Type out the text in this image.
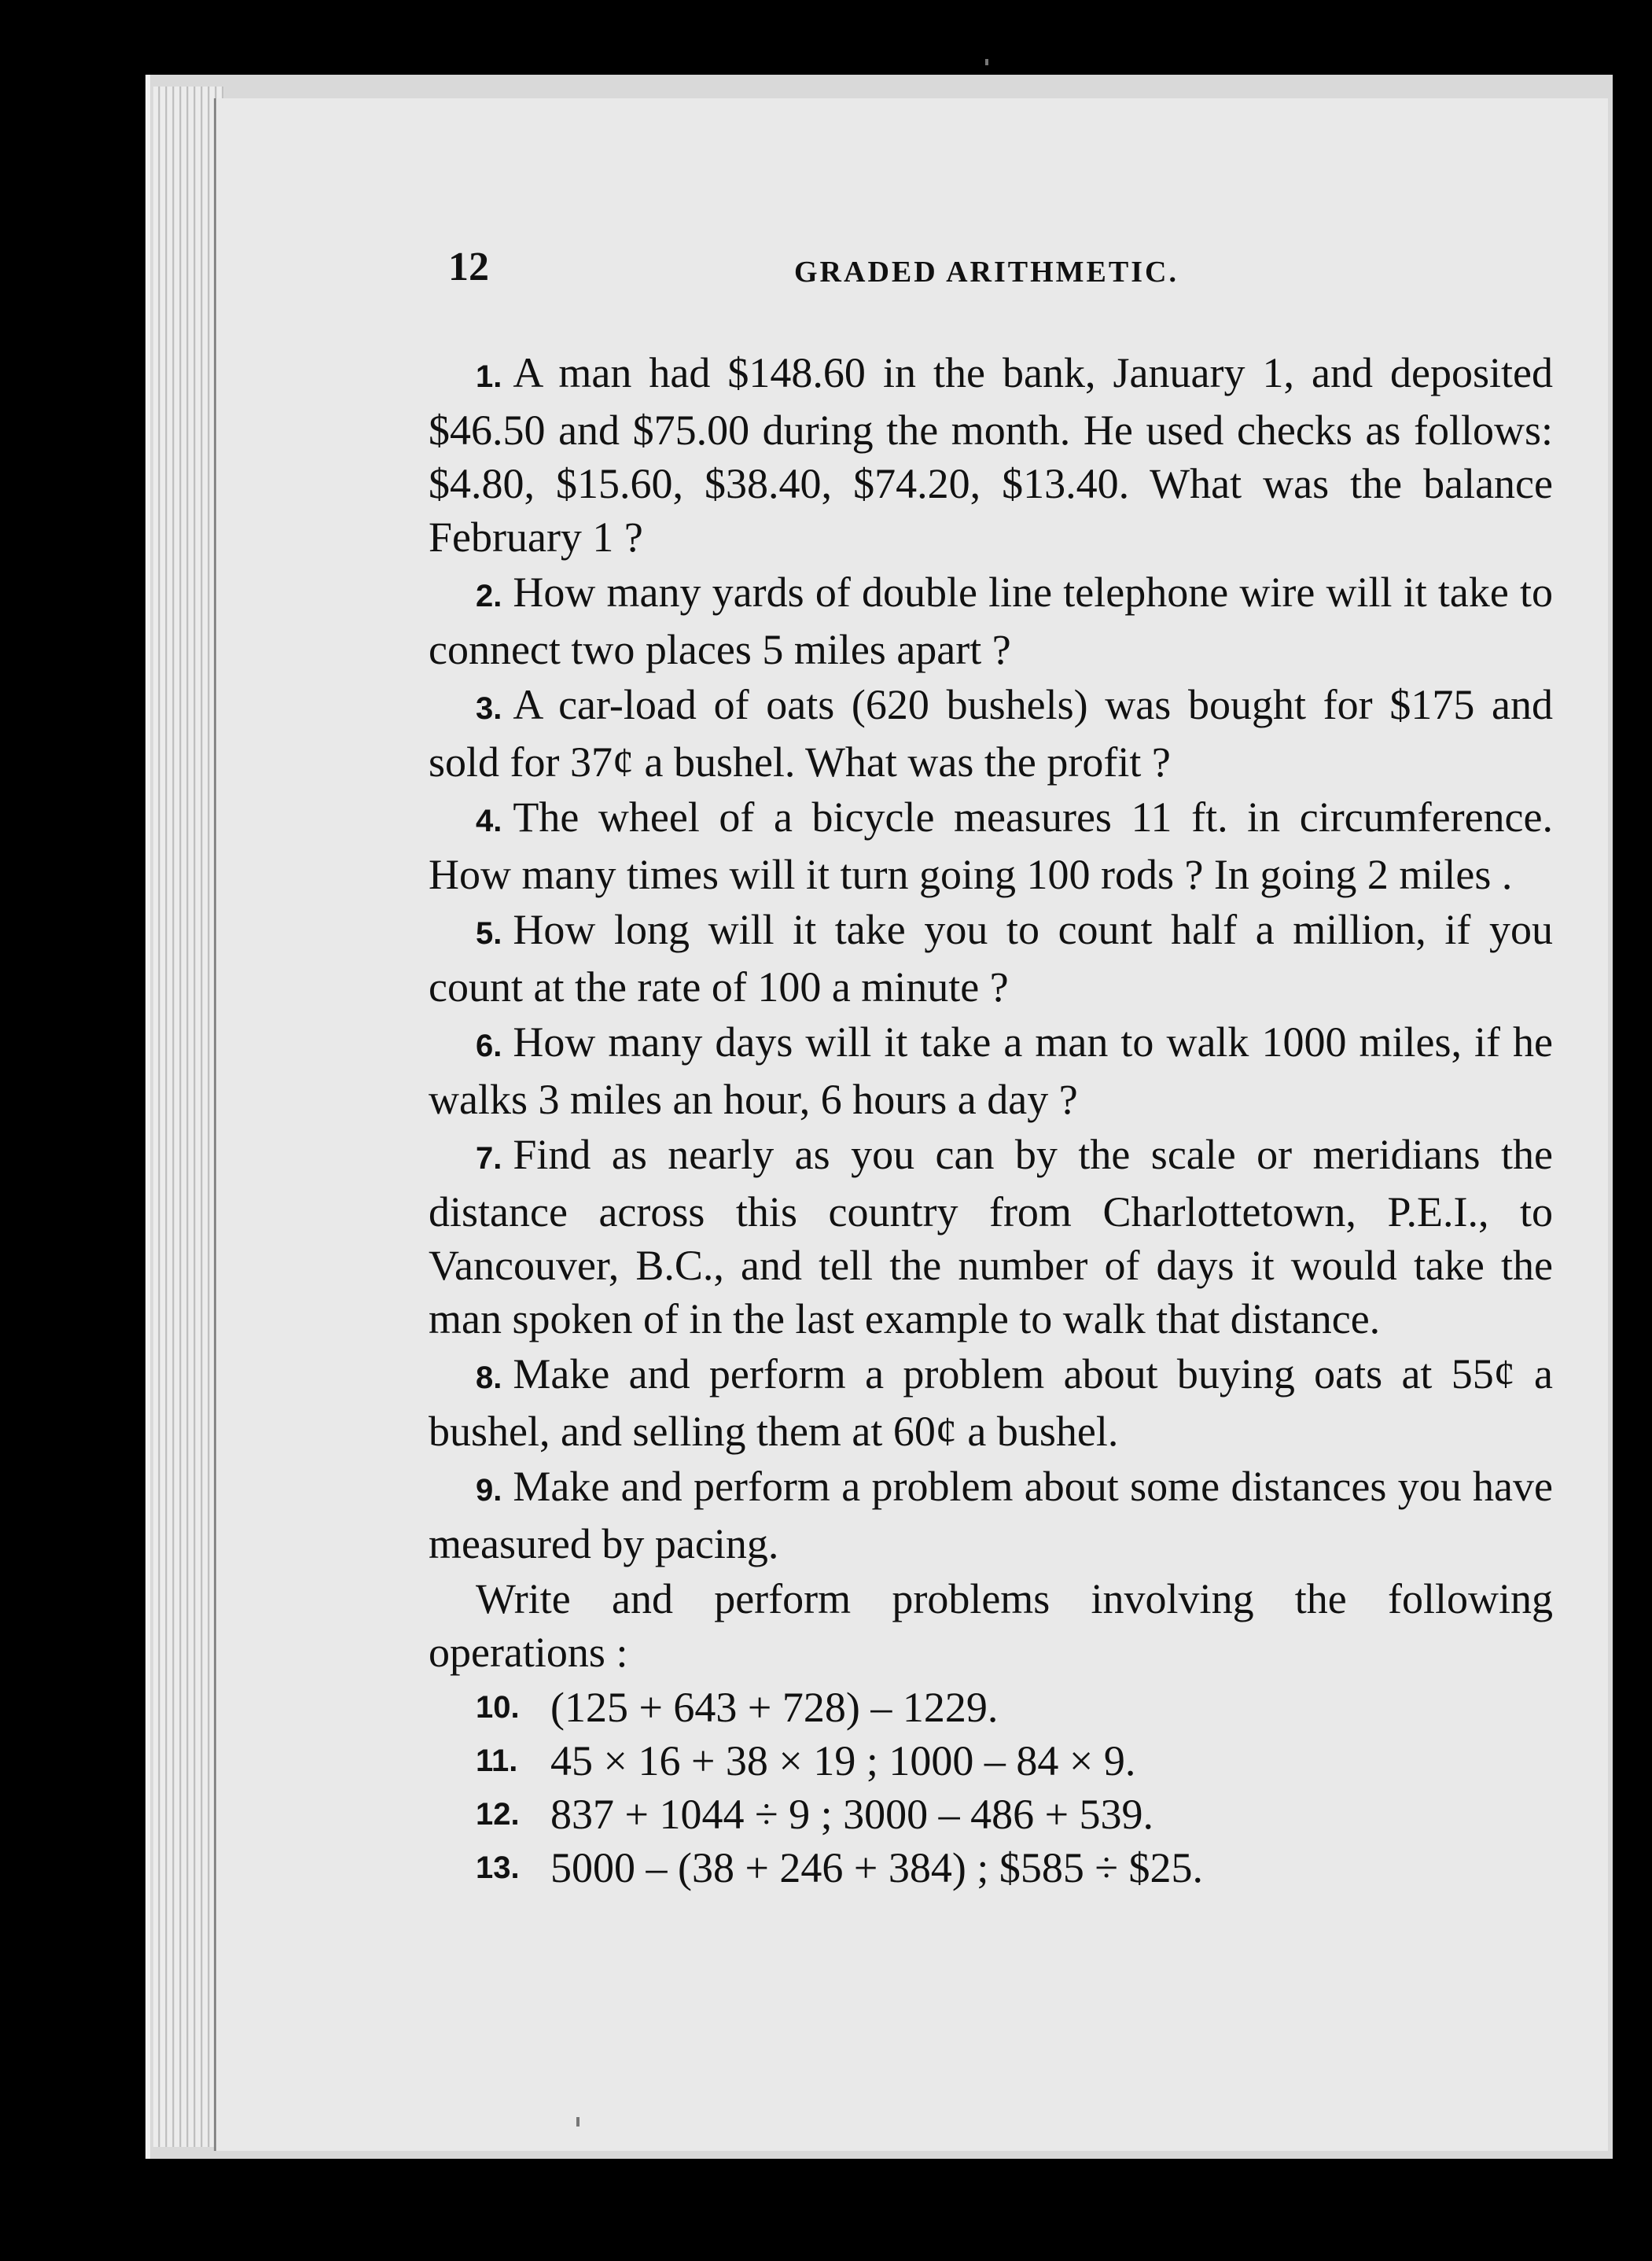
12	GRADED ARITHMETIC.

1. A man had $148.60 in the bank, January 1, and deposited $46.50 and $75.00 during the month. He used checks as follows: $4.80, $15.60, $38.40, $74.20, $13.40. What was the balance February 1 ?

2. How many yards of double line telephone wire will it take to connect two places 5 miles apart ?

3. A car-load of oats (620 bushels) was bought for $175 and sold for 37¢ a bushel. What was the profit ?

4. The wheel of a bicycle measures 11 ft. in circumference. How many times will it turn going 100 rods ? In going 2 miles .

5. How long will it take you to count half a million, if you count at the rate of 100 a minute ?

6. How many days will it take a man to walk 1000 miles, if he walks 3 miles an hour, 6 hours a day ?

7. Find as nearly as you can by the scale or meridians the distance across this country from Charlottetown, P.E.I., to Vancouver, B.C., and tell the number of days it would take the man spoken of in the last example to walk that distance.

8. Make and perform a problem about buying oats at 55¢ a bushel, and selling them at 60¢ a bushel.

9. Make and perform a problem about some distances you have measured by pacing.

Write and perform problems involving the following operations :

10. (125 + 643 + 728) – 1229.
11. 45 × 16 + 38 × 19 ; 1000 – 84 × 9.
12. 837 + 1044 ÷ 9 ; 3000 – 486 + 539.
13. 5000 – (38 + 246 + 384) ; $585 ÷ $25.
